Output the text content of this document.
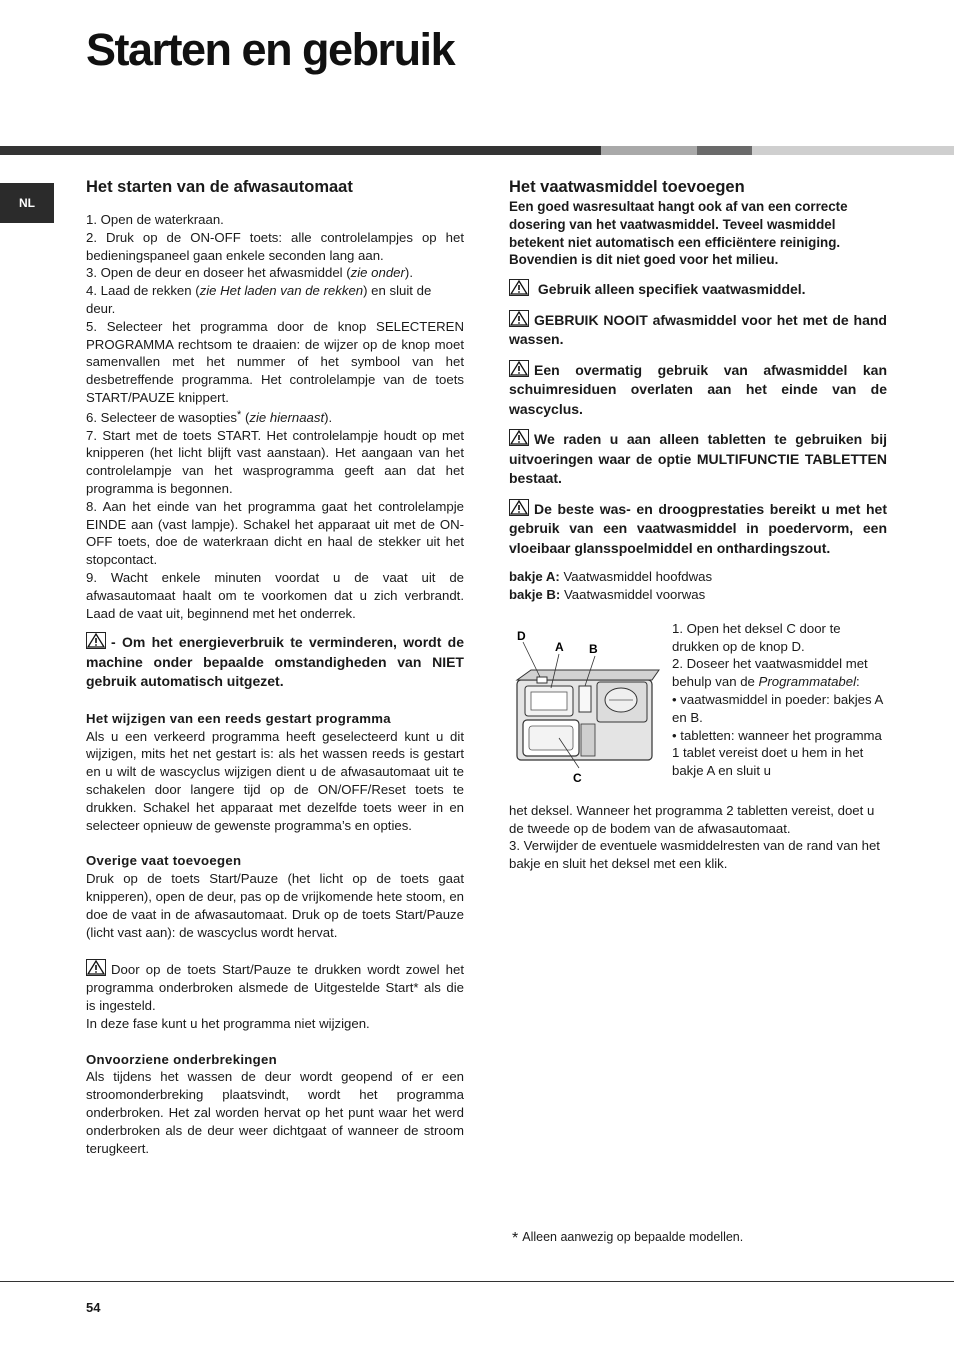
Starten en gebruik
NL
Het starten van de afwasautomaat

1. Open de waterkraan.

2. Druk op de ON-OFF toets: alle controlelampjes op het bedieningspaneel gaan enkele seconden lang aan.

3. Open de deur en doseer het afwasmiddel (zie onder).

4. Laad de rekken (zie Het laden van de rekken) en sluit de deur.

5. Selecteer het programma door de knop SELECTEREN PROGRAMMA rechtsom te draaien: de wijzer op de knop moet samenvallen met het nummer of het symbool van het desbetreffende programma. Het controlelampje van de toets START/PAUZE knippert.

6. Selecteer de wasopties* (zie hiernaast).

7. Start met de toets START. Het controlelampje houdt op met knipperen (het licht blijft vast aanstaan). Het aangaan van het controlelampje van het wasprogramma geeft aan dat het programma is begonnen.

8. Aan het einde van het programma gaat het controlelampje EINDE aan (vast lampje). Schakel het apparaat uit met de ON-OFF toets, doe de waterkraan dicht en haal de stekker uit het stopcontact.

9. Wacht enkele minuten voordat u de vaat uit de afwasautomaat haalt om te voorkomen dat u zich verbrandt. Laad de vaat uit, beginnend met het onderrek.

- Om het energieverbruik te verminderen, wordt de machine onder bepaalde omstandigheden van NIET gebruik automatisch uitgezet.

Het wijzigen van een reeds gestart programma

Als u een verkeerd programma heeft geselecteerd kunt u dit wijzigen, mits het net gestart is: als het wassen reeds is gestart en u wilt de wascyclus wijzigen dient u de afwasautomaat uit te schakelen door langere tijd op de ON/OFF/Reset toets te drukken. Schakel het apparaat met dezelfde toets weer in en selecteer opnieuw de gewenste programma’s en opties.

Overige vaat toevoegen

Druk op de toets Start/Pauze (het licht op de toets gaat knipperen), open de deur, pas op de vrijkomende hete stoom, en doe de vaat in de afwasautomaat. Druk op de toets Start/Pauze (licht vast aan): de wascyclus wordt hervat.

Door op de toets Start/Pauze te drukken wordt zowel het programma onderbroken alsmede de Uitgestelde Start* als die is ingesteld.

In deze fase kunt u het programma niet wijzigen.

Onvoorziene onderbrekingen

Als tijdens het wassen de deur wordt geopend of er een stroomonderbreking plaatsvindt, wordt het programma onderbroken. Het zal worden hervat op het punt waar het werd onderbroken als de deur weer dichtgaat of wanneer de stroom terugkeert.

Het vaatwasmiddel toevoegen

Een goed wasresultaat hangt ook af van een correcte dosering van het vaatwasmiddel. Teveel wasmiddel betekent niet automatisch een efficiëntere reiniging. Bovendien is dit niet goed voor het milieu.

Gebruik alleen specifiek vaatwasmiddel.

GEBRUIK NOOIT afwasmiddel voor het met de hand wassen.

Een overmatig gebruik van afwasmiddel kan schuimresiduen overlaten aan het einde van de wascyclus.

We raden u aan alleen tabletten te gebruiken bij uitvoeringen waar de optie MULTIFUNCTIE TABLETTEN bestaat.

De beste was- en droogprestaties bereikt u met het gebruik van een vaatwasmiddel in poedervorm, een vloeibaar glansspoelmiddel en onthardingszout.

bakje A: Vaatwasmiddel hoofdwas

bakje B: Vaatwasmiddel voorwas

D
A B
C

1. Open het deksel C door te drukken op de knop D.

2. Doseer het vaatwasmiddel met behulp van de Programmatabel:

• vaatwasmiddel in poeder: bakjes A en B.

• tabletten: wanneer het programma 1 tablet vereist doet u hem in het bakje A en sluit u

het deksel. Wanneer het programma 2 tabletten vereist, doet u de tweede op de bodem van de afwasautomaat.

3. Verwijder de eventuele wasmiddelresten van de rand van het bakje en sluit het deksel met een klik.

* Alleen aanwezig op bepaalde modellen.
54
